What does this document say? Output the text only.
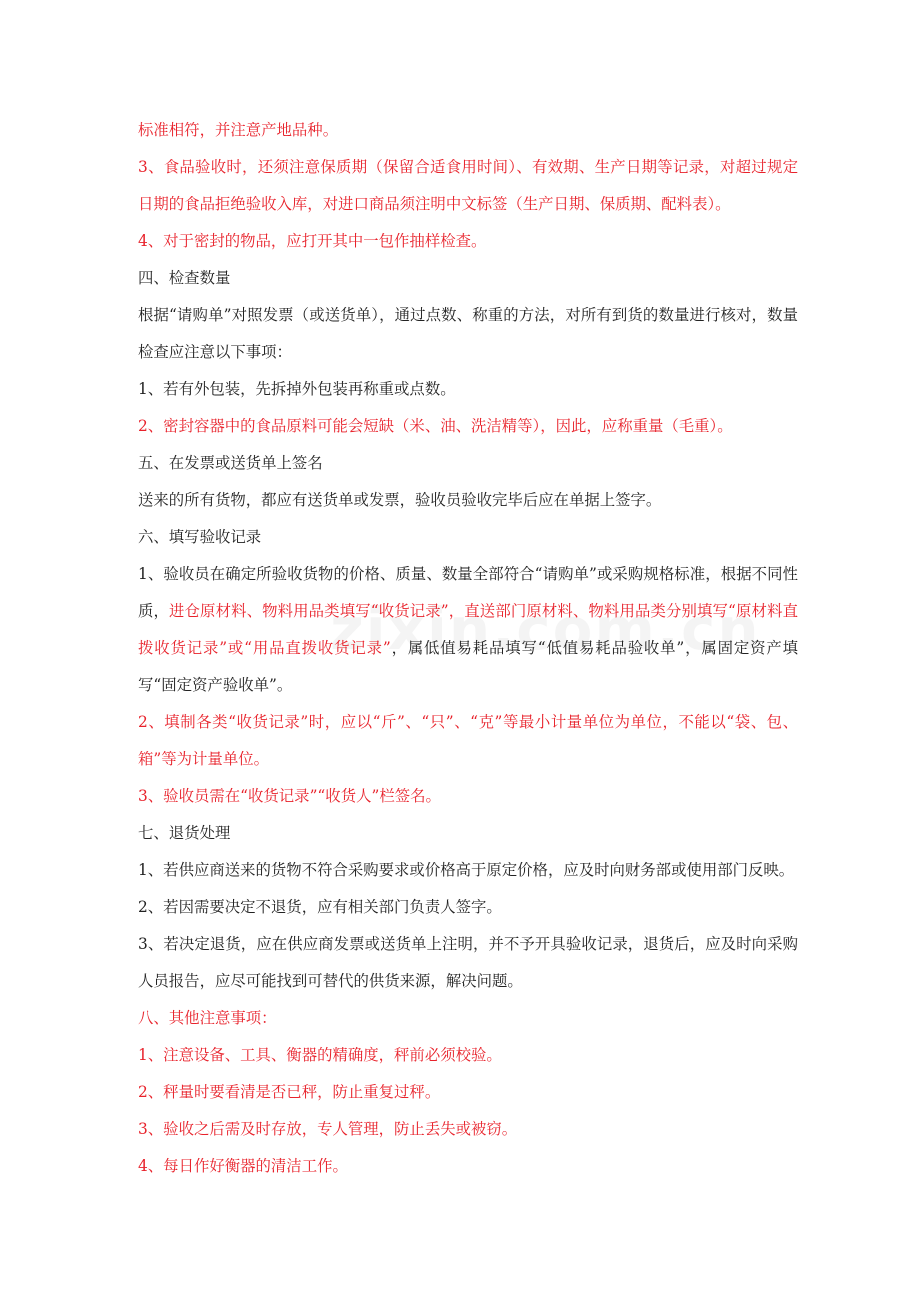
标准相符，并注意产地品种。

3、食品验收时，还须注意保质期（保留合适食用时间）、有效期、生产日期等记录，对超过规定日期的食品拒绝验收入库，对进口商品须注明中文标签（生产日期、保质期、配料表）。

4、对于密封的物品，应打开其中一包作抽样检查。

四、检查数量

根据“请购单”对照发票（或送货单），通过点数、称重的方法，对所有到货的数量进行核对，数量检查应注意以下事项：

1、若有外包装，先拆掉外包装再称重或点数。

2、密封容器中的食品原料可能会短缺（米、油、洗洁精等），因此，应称重量（毛重）。

五、在发票或送货单上签名

送来的所有货物，都应有送货单或发票，验收员验收完毕后应在单据上签字。

六、填写验收记录

1、验收员在确定所验收货物的价格、质量、数量全部符合“请购单”或采购规格标准，根据不同性质，进仓原材料、物料用品类填写“收货记录”，直送部门原材料、物料用品类分别填写“原材料直拨收货记录”或“用品直拨收货记录”，属低值易耗品填写“低值易耗品验收单”，属固定资产填写“固定资产验收单”。

2、填制各类“收货记录”时，应以“斤”、“只”、“克”等最小计量单位为单位，不能以“袋、包、箱”等为计量单位。

3、验收员需在“收货记录”“收货人”栏签名。

七、退货处理

1、若供应商送来的货物不符合采购要求或价格高于原定价格，应及时向财务部或使用部门反映。

2、若因需要决定不退货，应有相关部门负责人签字。

3、若决定退货，应在供应商发票或送货单上注明，并不予开具验收记录，退货后，应及时向采购人员报告，应尽可能找到可替代的供货来源，解决问题。

八、其他注意事项：

1、注意设备、工具、衡器的精确度，秤前必须校验。

2、秤量时要看清是否已秤，防止重复过秤。

3、验收之后需及时存放，专人管理，防止丢失或被窃。

4、每日作好衡器的清洁工作。
